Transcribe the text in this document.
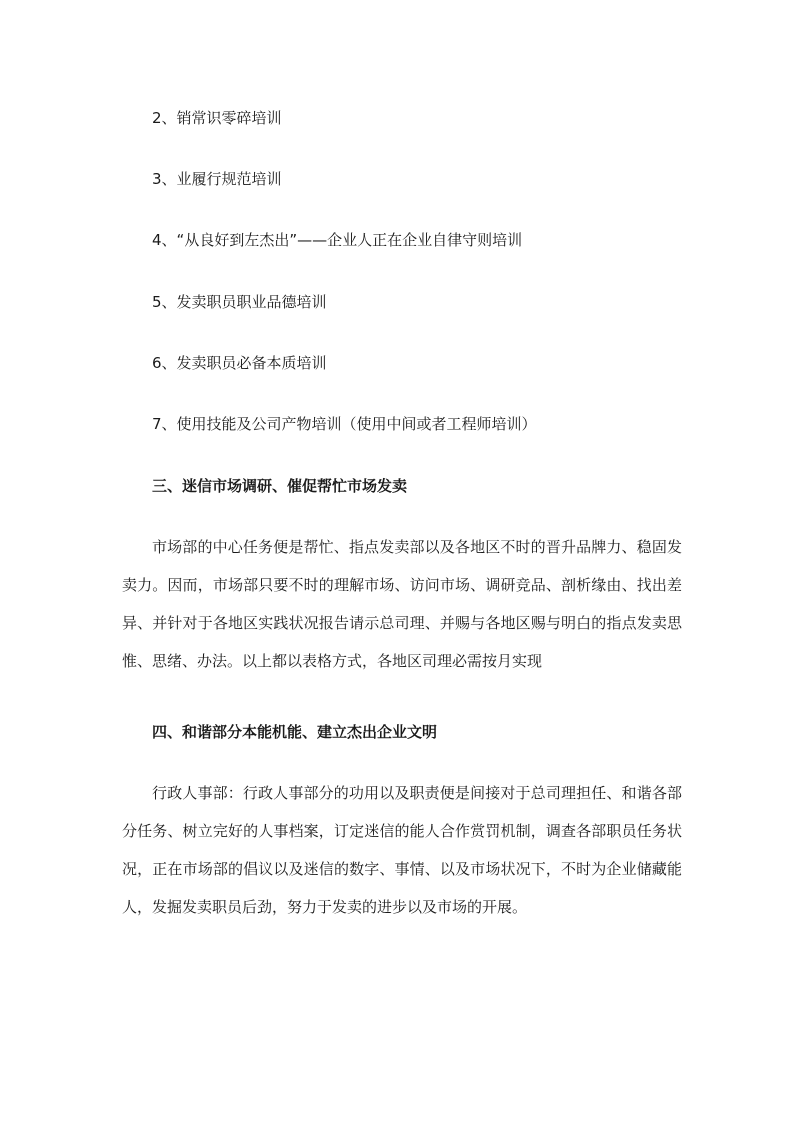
2、销常识零碎培训
3、业履行规范培训
4、“从良好到左杰出”——企业人正在企业自律守则培训
5、发卖职员职业品德培训
6、发卖职员必备本质培训
7、使用技能及公司产物培训（使用中间或者工程师培训）
三、迷信市场调研、催促帮忙市场发卖
市场部的中心任务便是帮忙、指点发卖部以及各地区不时的晋升品牌力、稳固发卖力。因而，市场部只要不时的理解市场、访问市场、调研竞品、剖析缘由、找出差异、并针对于各地区实践状况报告请示总司理、并赐与各地区赐与明白的指点发卖思惟、思绪、办法。以上都以表格方式，各地区司理必需按月实现
四、和谐部分本能机能、建立杰出企业文明
行政人事部：行政人事部分的功用以及职责便是间接对于总司理担任、和谐各部分任务、树立完好的人事档案，订定迷信的能人合作赏罚机制，调查各部职员任务状况，正在市场部的倡议以及迷信的数字、事情、以及市场状况下，不时为企业储藏能人，发掘发卖职员后劲，努力于发卖的进步以及市场的开展。
